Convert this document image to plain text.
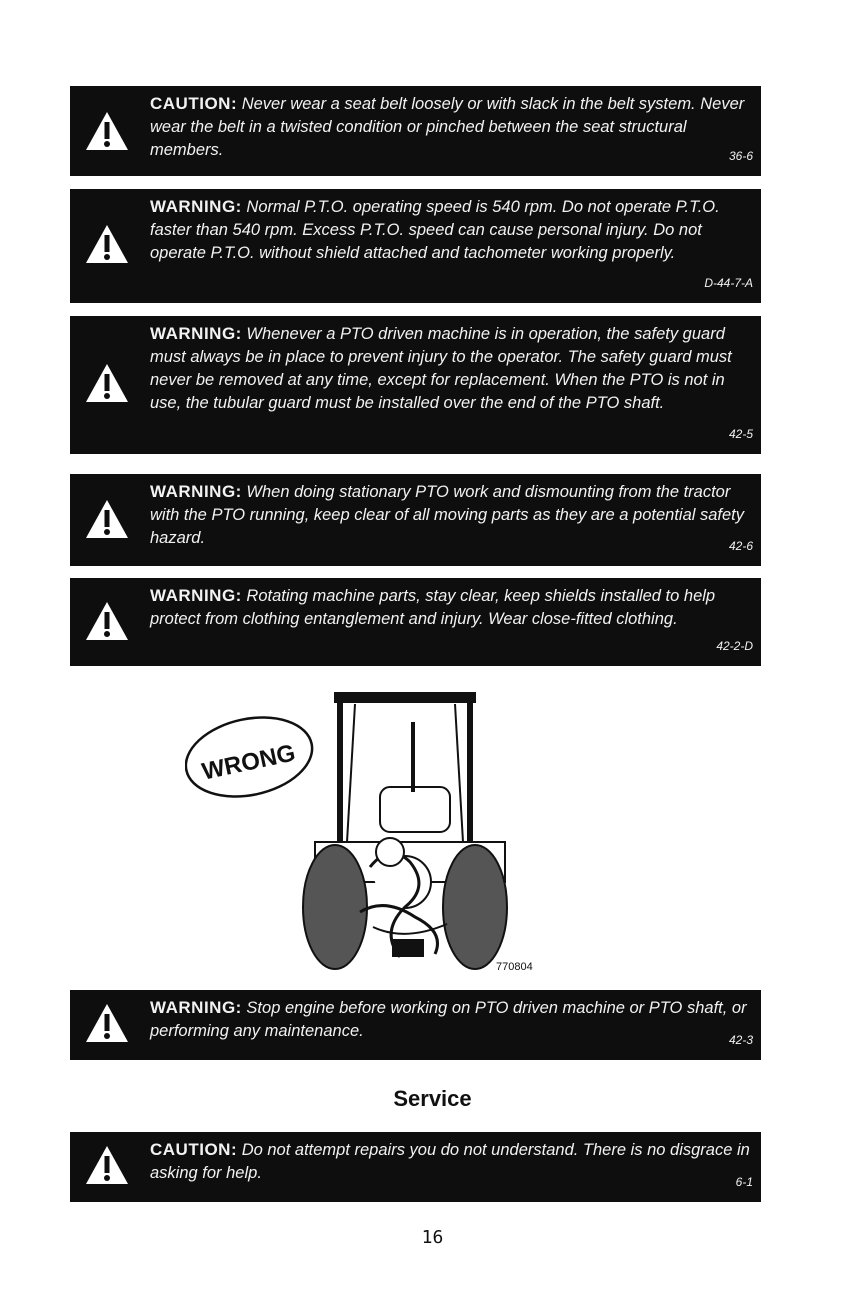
CAUTION: Never wear a seat belt loosely or with slack in the belt system. Never wear the belt in a twisted condition or pinched between the seat structural members.	36-6
WARNING: Normal P.T.O. operating speed is 540 rpm. Do not operate P.T.O. faster than 540 rpm. Excess P.T.O. speed can cause personal injury. Do not operate P.T.O. without shield attached and tachometer working properly.
D-44-7-A
WARNING: Whenever a PTO driven machine is in operation, the safety guard must always be in place to prevent injury to the operator. The safety guard must never be removed at any time, except for replacement. When the PTO is not in use, the tubular guard must be installed over the end of the PTO shaft.
42-5
WARNING: When doing stationary PTO work and dismounting from the tractor with the PTO running, keep clear of all moving parts as they are a potential safety hazard.	42-6
WARNING: Rotating machine parts, stay clear, keep shields installed to help protect from clothing entanglement and injury. Wear close-fitted clothing.
42-2-D
WRONG
770804
WARNING: Stop engine before working on PTO driven machine or PTO shaft, or performing any maintenance.	42-3
Service
CAUTION: Do not attempt repairs you do not understand. There is no disgrace in asking for help.	6-1
16
